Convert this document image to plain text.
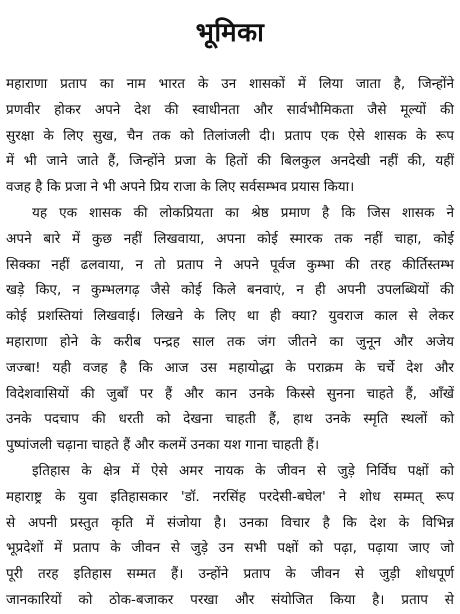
भूमिका
महाराणा प्रताप का नाम भारत के उन शासकों में लिया जाता है, जिन्होंने
प्रणवीर होकर अपने देश की स्वाधीनता और सार्वभौमिकता जैसे मूल्यों की
सुरक्षा के लिए सुख, चैन तक को तिलांजली दी। प्रताप एक ऐसे शासक के रूप
में भी जाने जाते हैं, जिन्होंने प्रजा के हितों की बिलकुल अनदेखी नहीं की, यहीं
वजह है कि प्रजा ने भी अपने प्रिय राजा के लिए सर्वसम्भव प्रयास किया।
यह एक शासक की लोकप्रियता का श्रेष्ठ प्रमाण है कि जिस शासक ने
अपने बारे में कुछ नहीं लिखवाया, अपना कोई स्मारक तक नहीं चाहा, कोई
सिक्का नहीं ढलवाया, न तो प्रताप ने अपने पूर्वज कुम्भा की तरह कीर्तिस्तम्भ
खड़े किए, न कुम्भलगढ़ जैसे कोई किले बनवाएं, न ही अपनी उपलब्धियों की
कोई प्रशस्तियां लिखवाई। लिखने के लिए था ही क्या? युवराज काल से लेकर
महाराणा होने के करीब पन्द्रह साल तक जंग जीतने का जुनून और अजेय
जज्बा! यही वजह है कि आज उस महायोद्धा के पराक्रम के चर्चे देश और
विदेशवासियों की जुबाँ पर हैं और कान उनके किस्से सुनना चाहते हैं, आँखें
उनके पदचाप की धरती को देखना चाहती हैं, हाथ उनके स्मृति स्थलों को
पुष्पांजली चढ़ाना चाहते हैं और कलमें उनका यश गाना चाहती हैं।
इतिहास के क्षेत्र में ऐसे अमर नायक के जीवन से जुड़े निर्विघ पक्षों को
महाराष्ट्र के युवा इतिहासकार 'डॉ. नरसिंह परदेसी-बघेल' ने शोध सम्मत् रूप
से अपनी प्रस्तुत कृति में संजोया है। उनका विचार है कि देश के विभिन्न
भूप्रदेशों में प्रताप के जीवन से जुड़े उन सभी पक्षों को पढ़ा, पढ़ाया जाए जो
पूरी तरह इतिहास सम्मत हैं। उन्होंने प्रताप के जीवन से जुड़ी शोधपूर्ण
जानकारियों को ठोक-बजाकर परखा और संयोजित किया है। प्रताप से
